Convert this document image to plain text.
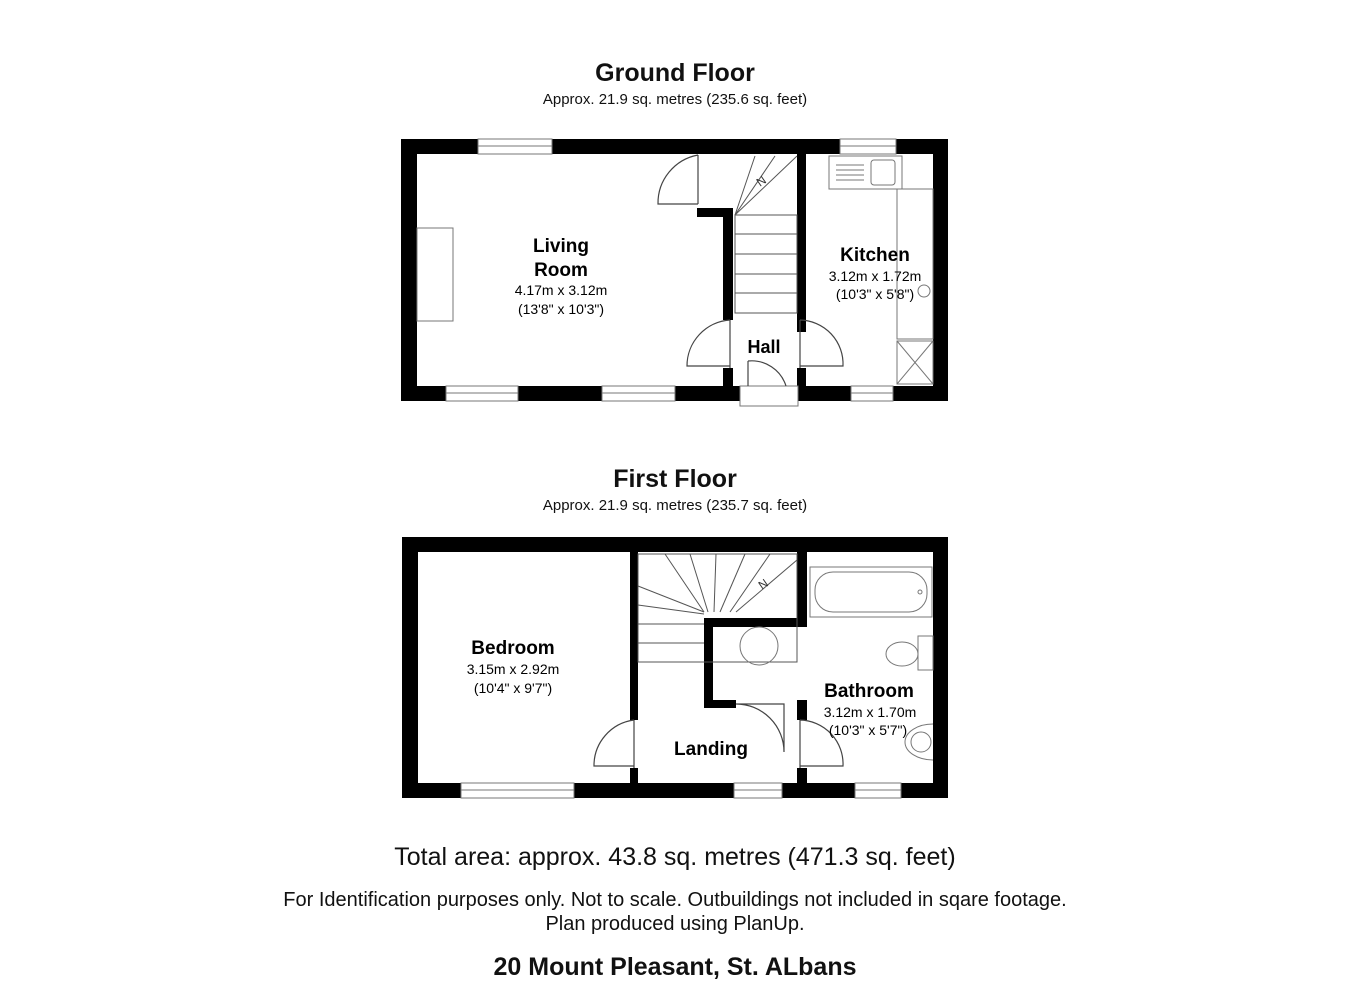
Ground Floor
Approx. 21.9 sq. metres (235.6 sq. feet)
First Floor
Approx. 21.9 sq. metres (235.7 sq. feet)
N
Living
Room
4.17m x 3.12m
(13'8" x 10'3")
Kitchen
3.12m x 1.72m
(10'3" x 5'8")
Hall
N
Bedroom
3.15m x 2.92m
(10'4" x 9'7")	Bathroom
3.12m x 1.70m
(10'3" x 5'7")
Landing
Total area: approx. 43.8 sq. metres (471.3 sq. feet)
For Identification purposes only. Not to scale. Outbuildings not included in sqare footage.
Plan produced using PlanUp.
20 Mount Pleasant, St. ALbans
